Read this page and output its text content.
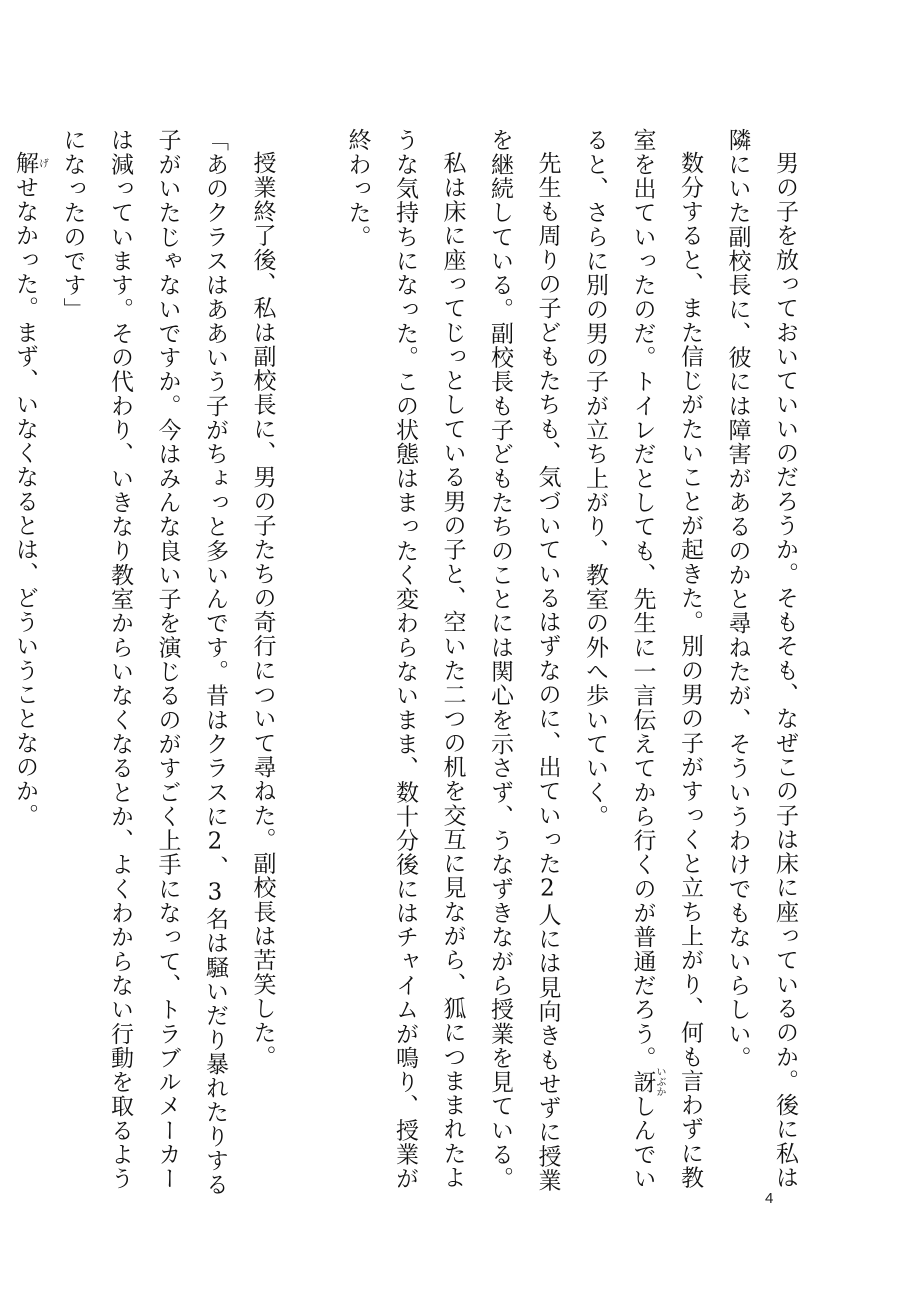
男の子を放っておいていいのだろうか。そもそも、なぜこの子は床に座っているのか。後に私は隣にいた副校長に、彼には障害があるのかと尋ねたが、そういうわけでもないらしい。

数分すると、また信じがたいことが起きた。別の男の子がすっくと立ち上がり、何も言わずに教室を出ていったのだ。トイレだとしても、先生に一言伝えてから行くのが普通だろう。訝いぶかしんでいると、さらに別の男の子が立ち上がり、教室の外へ歩いていく。

先生も周りの子どもたちも、気づいているはずなのに、出ていった2人には見向きもせずに授業を継続している。副校長も子どもたちのことには関心を示さず、うなずきながら授業を見ている。

私は床に座ってじっとしている男の子と、空いた二つの机を交互に見ながら、狐につままれたような気持ちになった。この状態はまったく変わらないまま、数十分後にはチャイムが鳴り、授業が終わった。

授業終了後、私は副校長に、男の子たちの奇行について尋ねた。副校長は苦笑した。

「あのクラスはああいう子がちょっと多いんです。昔はクラスに2、3名は騒いだり暴れたりする子がいたじゃないですか。今はみんな良い子を演じるのがすごく上手になって、トラブルメーカーは減っています。その代わり、いきなり教室からいなくなるとか、よくわからない行動を取るようになったのです」

解げせなかった。まず、いなくなるとは、どういうことなのか。

4
